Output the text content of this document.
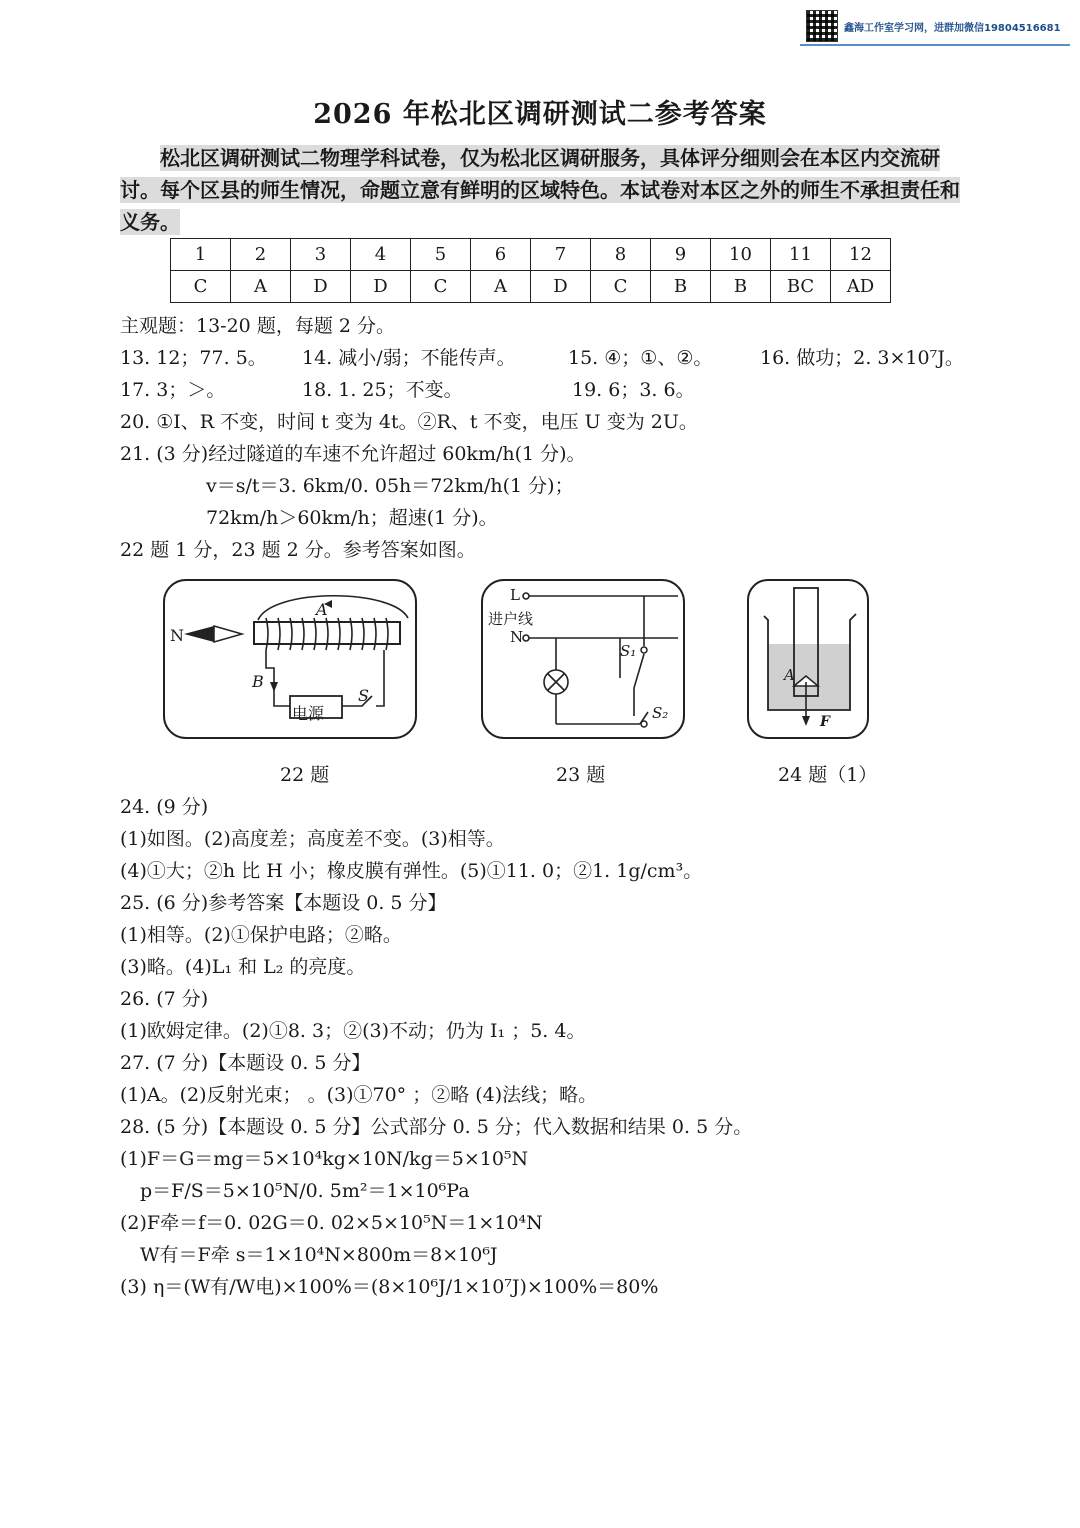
鑫海工作室学习网，进群加微信19804516681
2026 年松北区调研测试二参考答案
松北区调研测试二物理学科试卷，仅为松北区调研服务，具体评分细则会在本区内交流研讨。每个区县的师生情况，命题立意有鲜明的区域特色。本试卷对本区之外的师生不承担责任和义务。
1	2	3	4	5	6	7	8	9	10	11	12
C	A	D	D	C	A	D	C	B	B	BC	AD
主观题：13-20 题，每题 2 分。
13. 12；77. 5。 14. 减小/弱；不能传声。	15. ④；①、②。	16. 做功；2. 3×10⁷J。
17. 3；＞。	18. 1. 25；不变。	19. 6；3. 6。
20. ①I、R 不变，时间 t 变为 4t。②R、t 不变，电压 U 变为 2U。
21. (3 分)经过隧道的车速不允许超过 60km/h(1 分)。
v＝s/t＝3. 6km/0. 05h＝72km/h(1 分)；
72km/h＞60km/h；超速(1 分)。
22 题 1 分，23 题 2 分。参考答案如图。
N
A
B
S
电源
22 题
L
进户线
N
S₁
S₂
23 题
A
F
24 题（1）
24. (9 分)
(1)如图。(2)高度差；高度差不变。(3)相等。
(4)①大；②h 比 H 小；橡皮膜有弹性。(5)①11. 0；②1. 1g/cm³。
25. (6 分)参考答案【本题设 0. 5 分】
(1)相等。(2)①保护电路；②略。
(3)略。(4)L₁ 和 L₂ 的亮度。
26. (7 分)
(1)欧姆定律。(2)①8. 3；②(3)不动；仍为 I₁ ；5. 4。
27. (7 分)【本题设 0. 5 分】
(1)A。(2)反射光束； 。(3)①70° ；②略 (4)法线；略。
28. (5 分)【本题设 0. 5 分】公式部分 0. 5 分；代入数据和结果 0. 5 分。
(1)F＝G＝mg＝5×10⁴kg×10N/kg＝5×10⁵N
p＝F/S＝5×10⁵N/0. 5m²＝1×10⁶Pa
(2)F牵＝f＝0. 02G＝0. 02×5×10⁵N＝1×10⁴N
W有＝F牵 s＝1×10⁴N×800m＝8×10⁶J
(3) η＝(W有/W电)×100%＝(8×10⁶J/1×10⁷J)×100%＝80%
